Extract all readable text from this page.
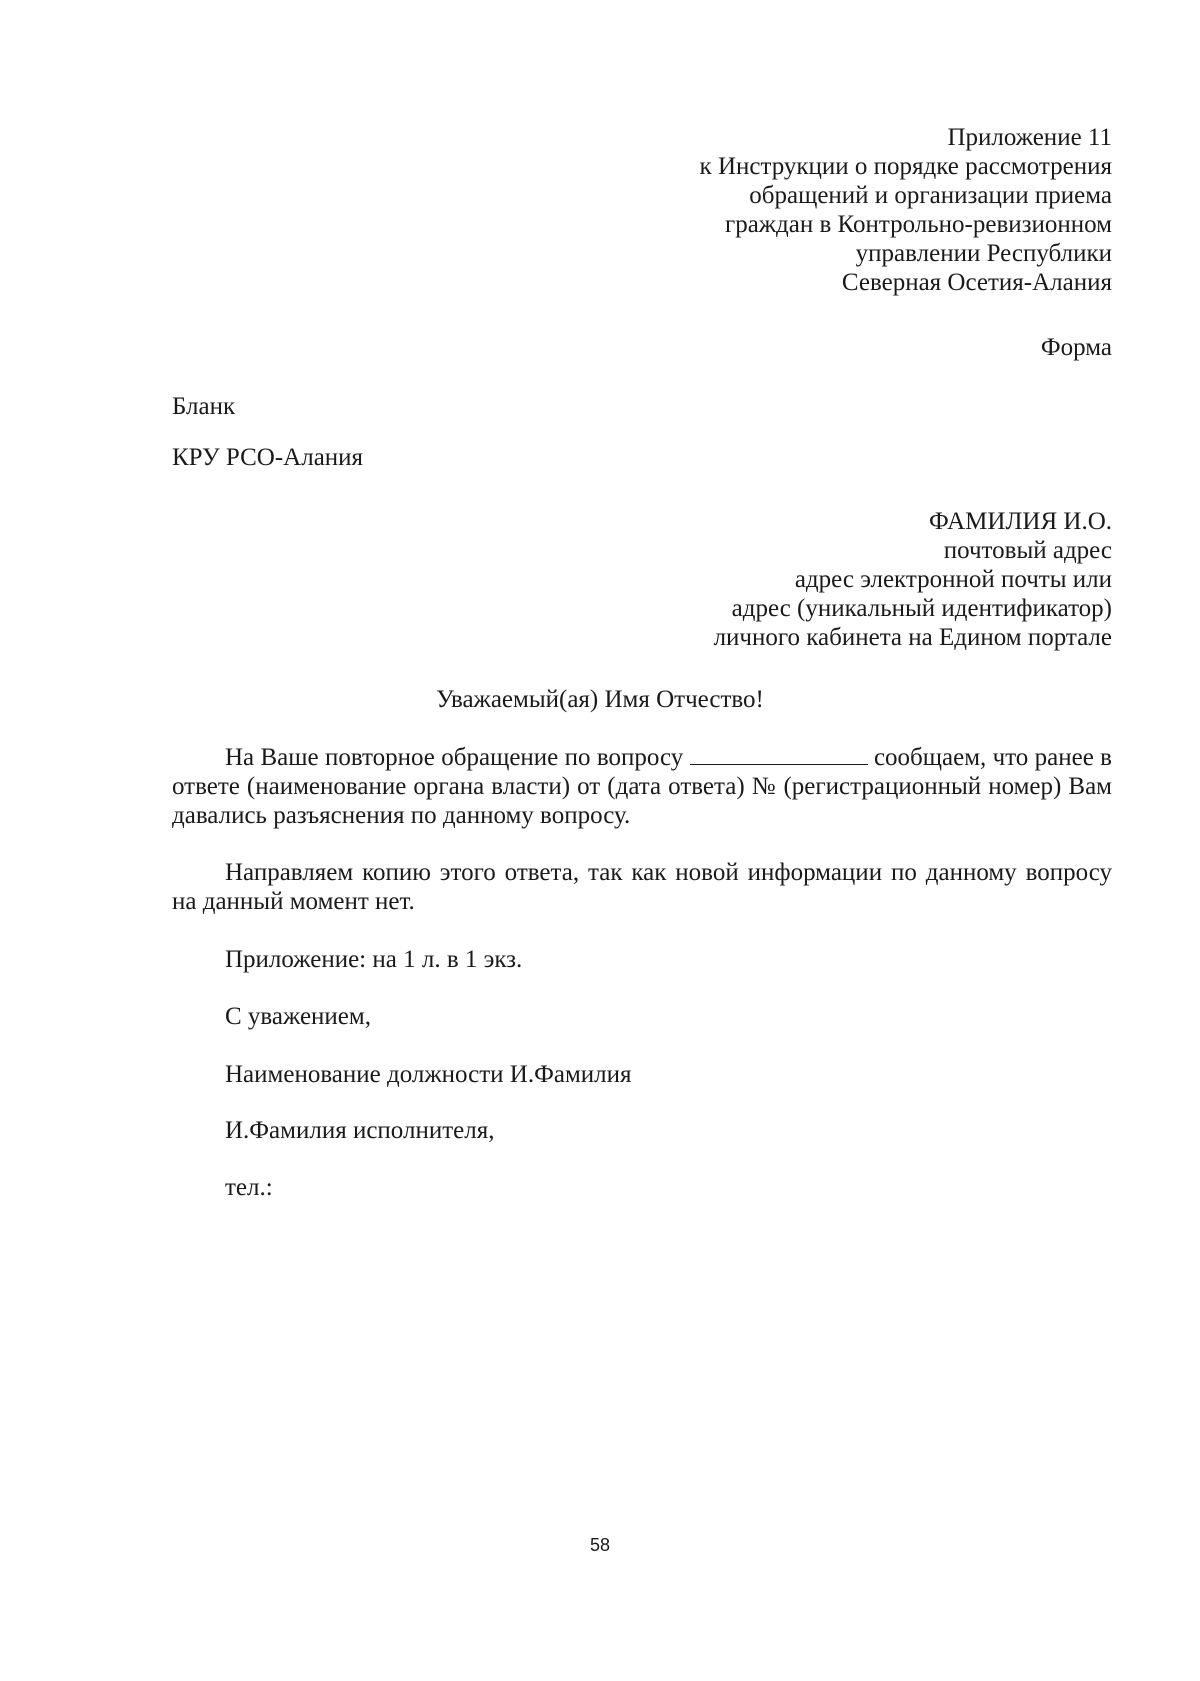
Приложение 11
к Инструкции о порядке рассмотрения
обращений и организации приема
граждан в Контрольно-ревизионном
управлении Республики
Северная Осетия-Алания
Форма
Бланк
КРУ РСО-Алания
ФАМИЛИЯ И.О.
почтовый адрес
адрес электронной почты или
адрес (уникальный идентификатор)
личного кабинета на Едином портале
Уважаемый(ая) Имя Отчество!
На Ваше повторное обращение по вопросу	сообщаем, что ранее в ответе (наименование органа власти) от (дата ответа) № (регистрационный номер) Вам давались разъяснения по данному вопросу.
Направляем копию этого ответа, так как новой информации по данному вопросу на данный момент нет.
Приложение: на 1 л. в 1 экз.
С уважением,
Наименование должности И.Фамилия
И.Фамилия исполнителя,
тел.:
58
